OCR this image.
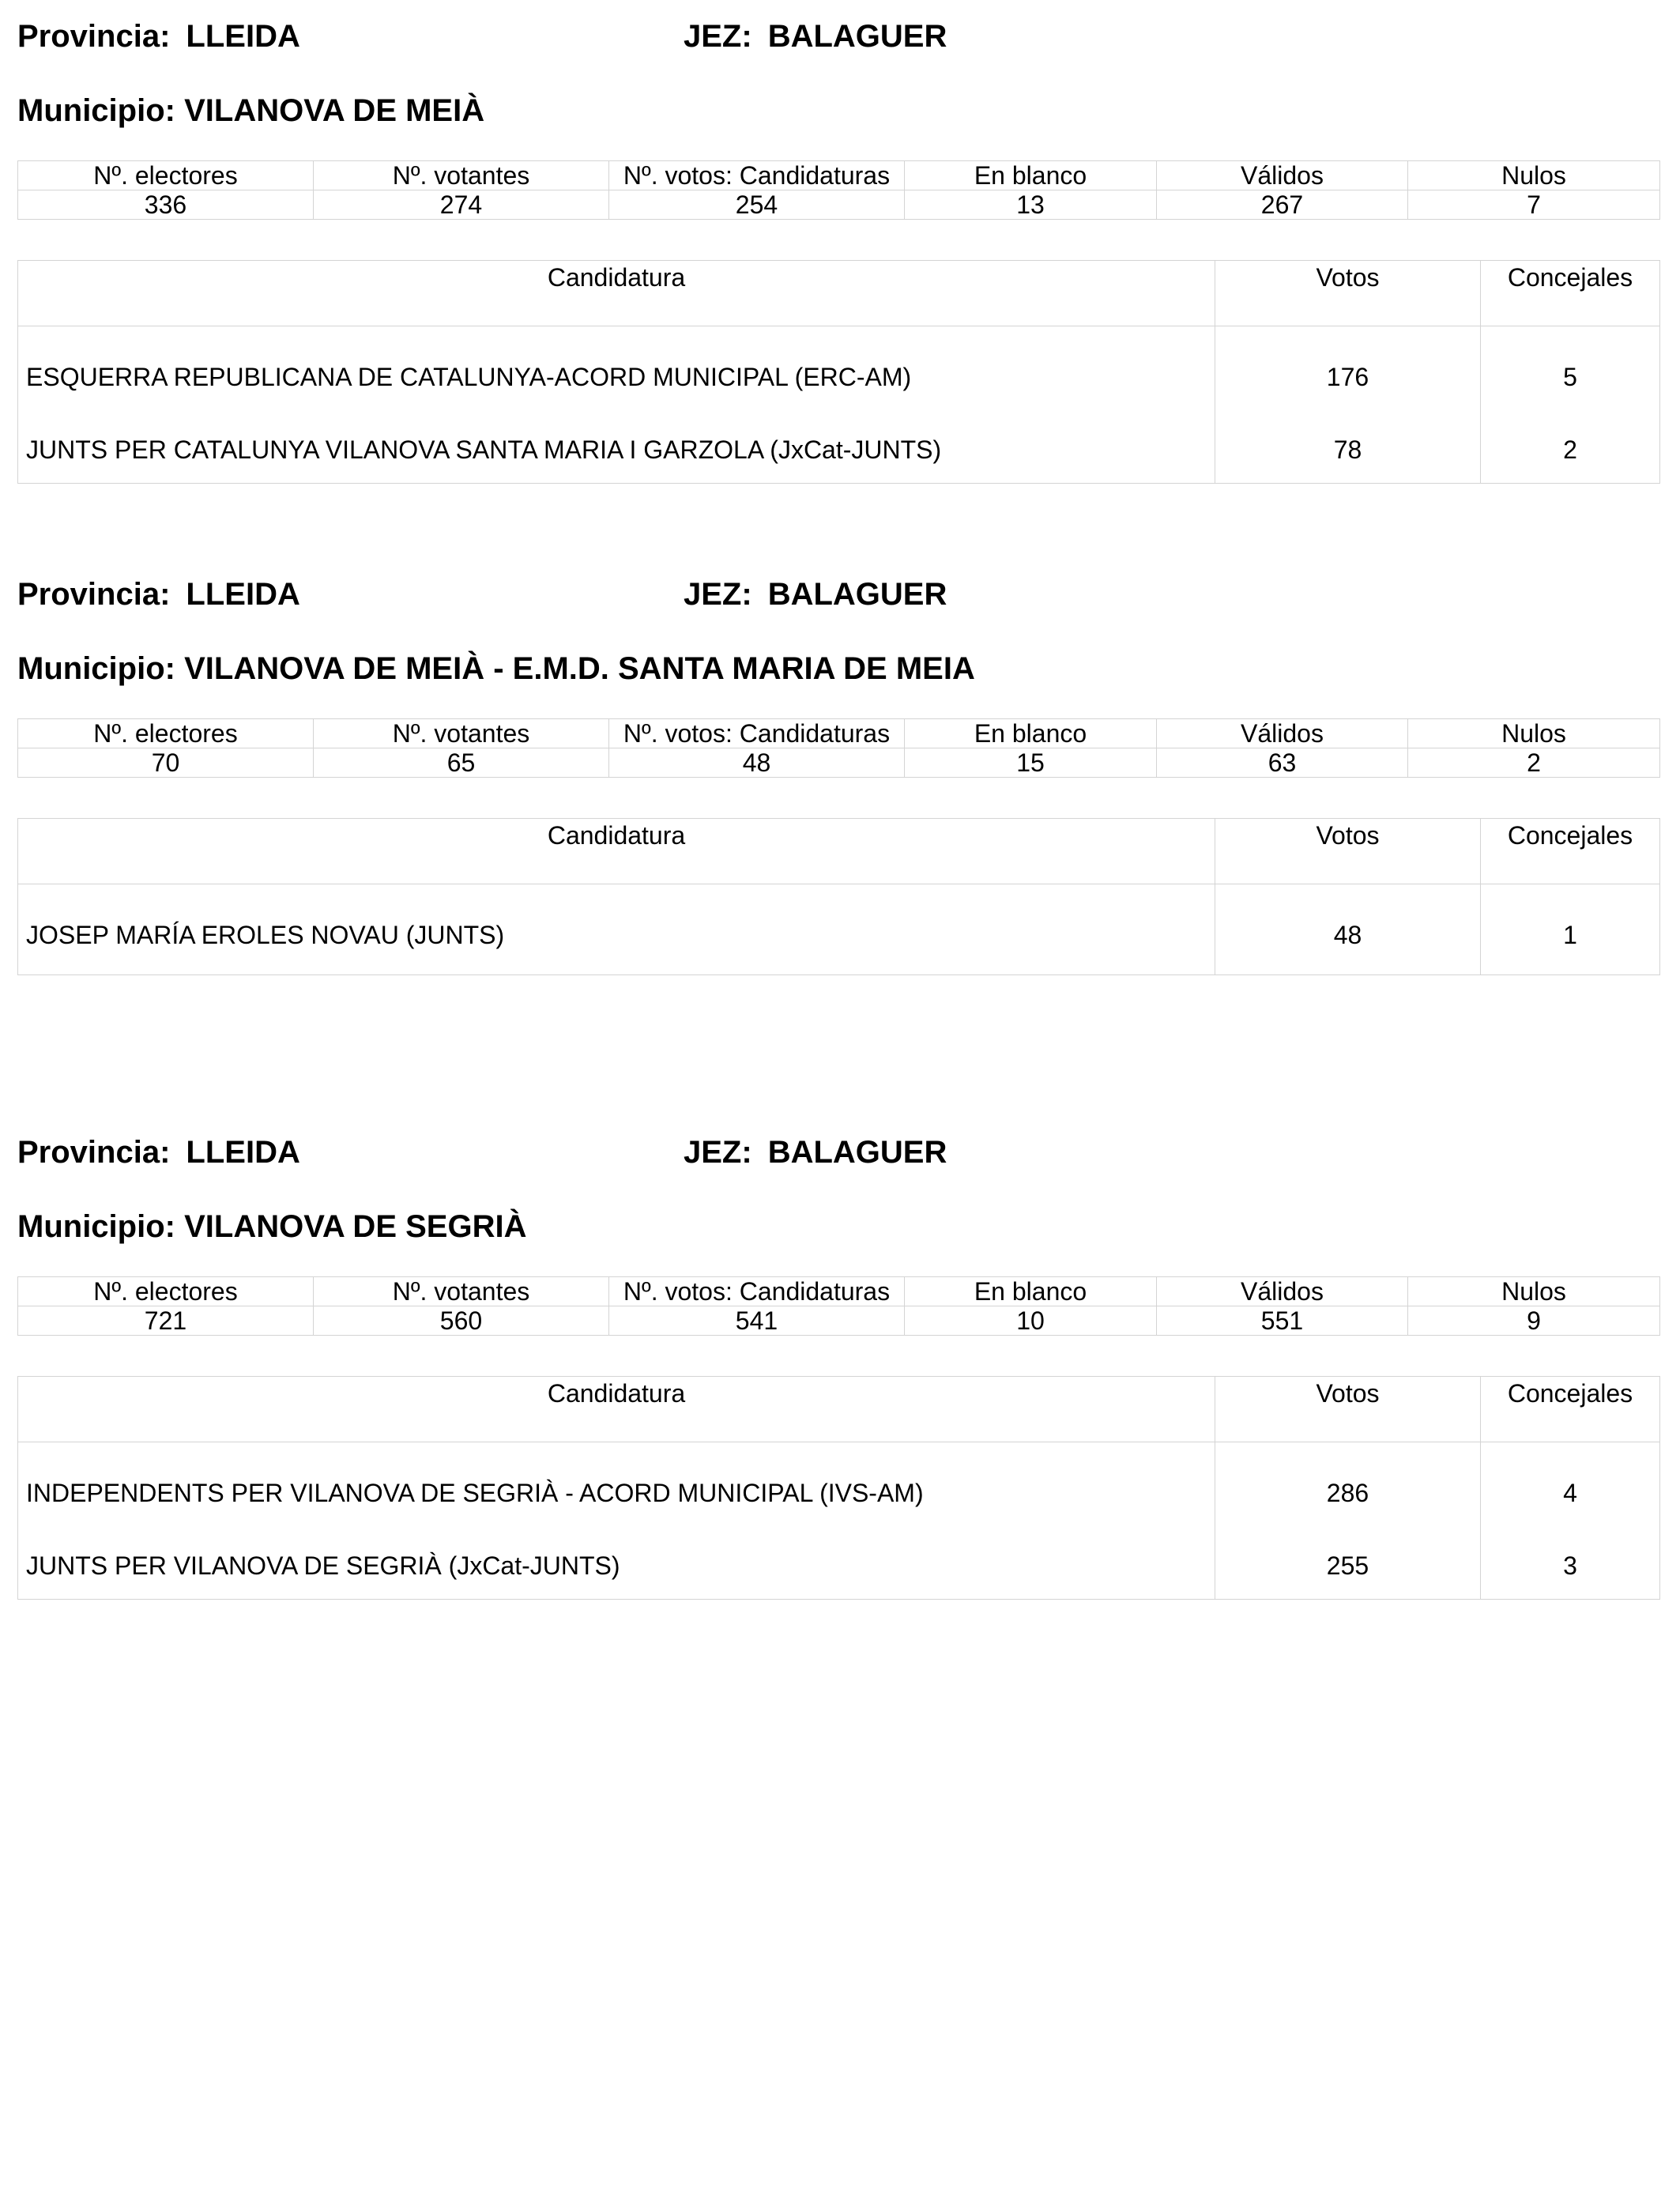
Provincia: LLEIDA	JEZ: BALAGUER
Municipio: VILANOVA DE MEIÀ
Nº. electores	Nº. votantes	Nº. votos: Candidaturas	En blanco	Válidos	Nulos
336	274	254	13	267	7
Candidatura	Votos	Concejales
ESQUERRA REPUBLICANA DE CATALUNYA-ACORD MUNICIPAL (ERC-AM)	176	5
JUNTS PER CATALUNYA VILANOVA SANTA MARIA I GARZOLA (JxCat-JUNTS)	78	2
Provincia: LLEIDA	JEZ: BALAGUER
Municipio: VILANOVA DE MEIÀ - E.M.D. SANTA MARIA DE MEIA
Nº. electores	Nº. votantes	Nº. votos: Candidaturas	En blanco	Válidos	Nulos
70	65	48	15	63	2
Candidatura	Votos	Concejales
JOSEP MARÍA EROLES NOVAU (JUNTS)	48	1
Provincia: LLEIDA	JEZ: BALAGUER
Municipio: VILANOVA DE SEGRIÀ
Nº. electores	Nº. votantes	Nº. votos: Candidaturas	En blanco	Válidos	Nulos
721	560	541	10	551	9
Candidatura	Votos	Concejales
INDEPENDENTS PER VILANOVA DE SEGRIÀ - ACORD MUNICIPAL (IVS-AM)	286	4
JUNTS PER VILANOVA DE SEGRIÀ (JxCat-JUNTS)	255	3
